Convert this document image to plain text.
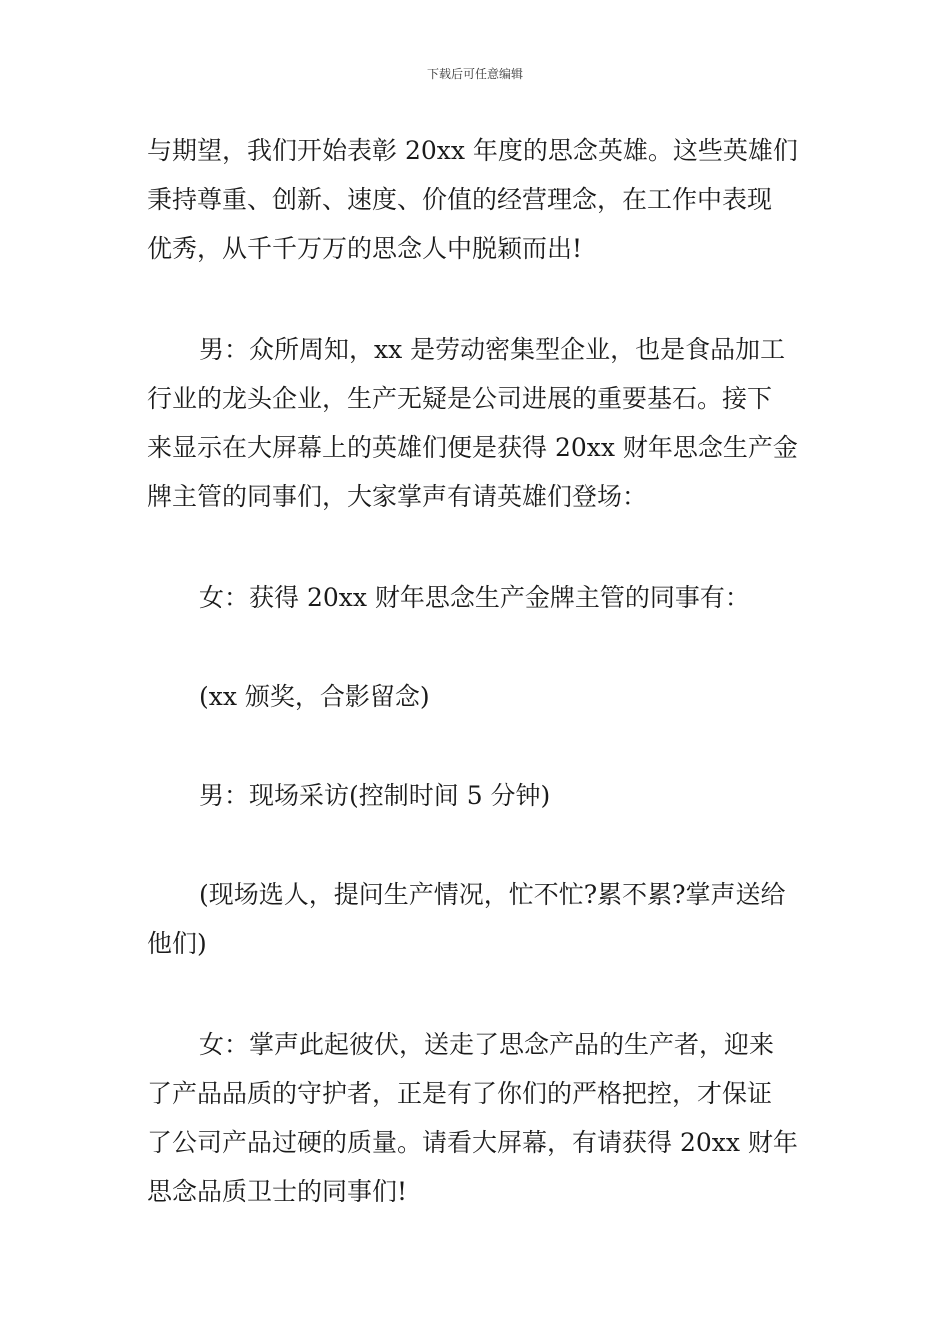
下载后可任意编辑

与期望，我们开始表彰 20xx 年度的思念英雄。这些英雄们
秉持尊重、创新、速度、价值的经营理念，在工作中表现
优秀，从千千万万的思念人中脱颖而出!

男：众所周知，xx 是劳动密集型企业，也是食品加工
行业的龙头企业，生产无疑是公司进展的重要基石。接下
来显示在大屏幕上的英雄们便是获得 20xx 财年思念生产金
牌主管的同事们，大家掌声有请英雄们登场：

女：获得 20xx 财年思念生产金牌主管的同事有：

(xx 颁奖，合影留念)

男：现场采访(控制时间 5 分钟)

(现场选人，提问生产情况，忙不忙?累不累?掌声送给
他们)

女：掌声此起彼伏，送走了思念产品的生产者，迎来
了产品品质的守护者，正是有了你们的严格把控，才保证
了公司产品过硬的质量。请看大屏幕，有请获得 20xx 财年
思念品质卫士的同事们!
